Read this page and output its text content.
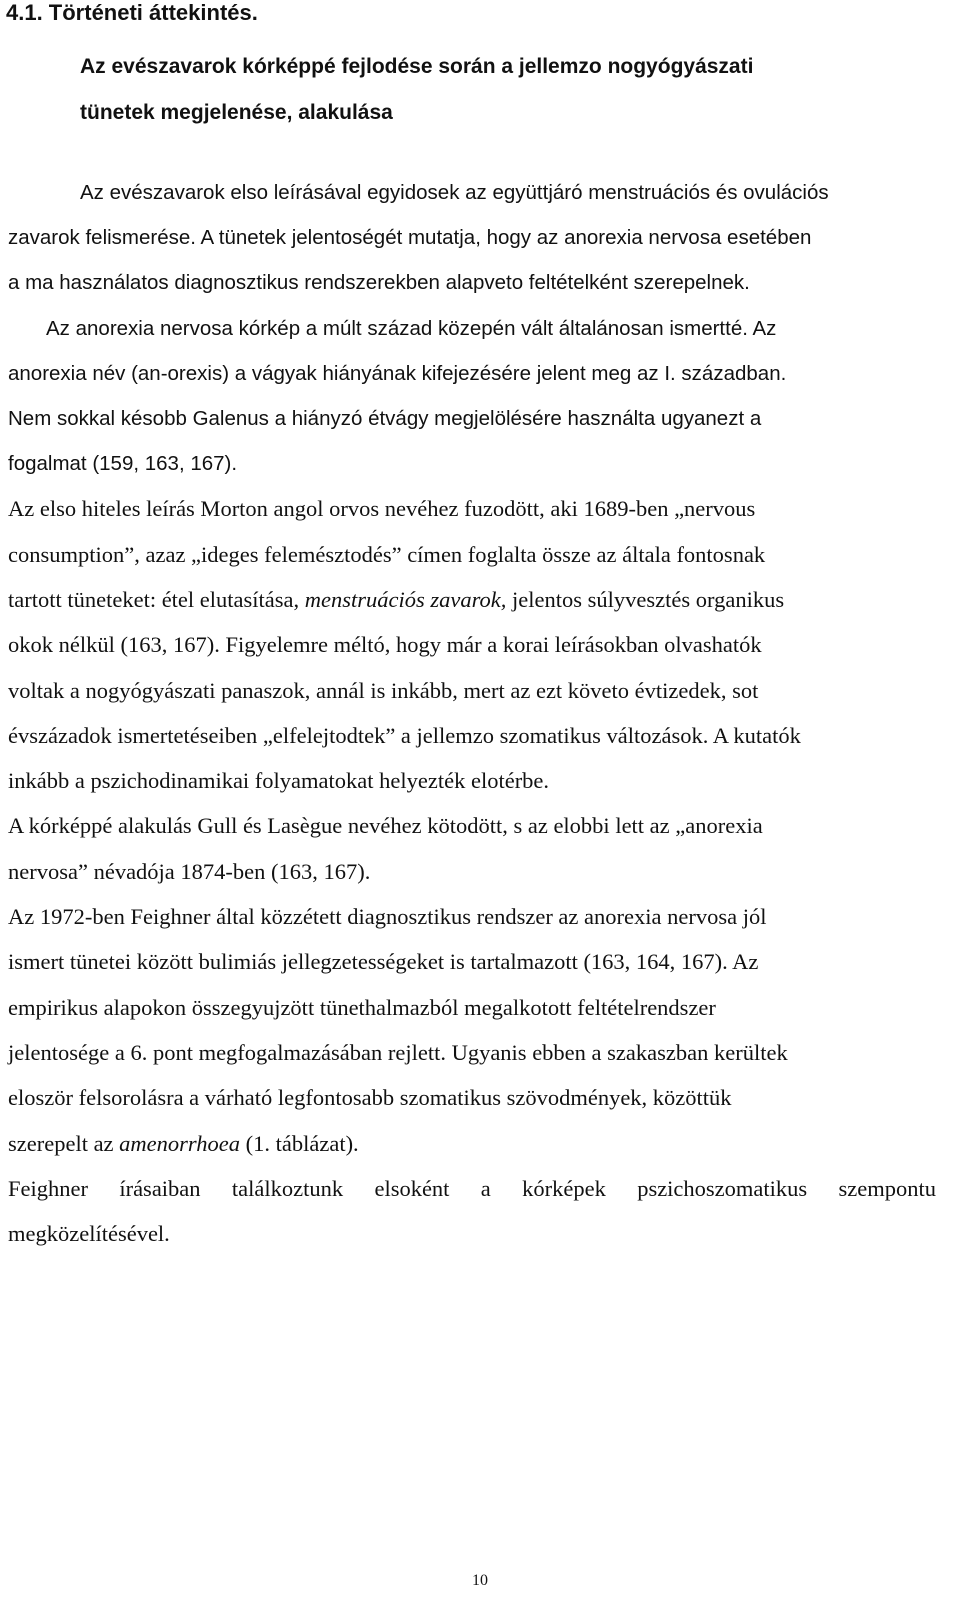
4.1. Történeti áttekintés.
Az evészavarok kórképpé fejlodése során a jellemzo nogyógyászati
tünetek megjelenése, alakulása

Az evészavarok elso leírásával egyidosek az együttjáró menstruációs és ovulációs

zavarok felismerése. A tünetek jelentoségét mutatja, hogy az anorexia nervosa esetében

a ma használatos diagnosztikus rendszerekben alapveto feltételként szerepelnek.

Az anorexia nervosa kórkép a múlt század közepén vált általánosan ismertté. Az

anorexia név (an-orexis) a vágyak hiányának kifejezésére jelent meg az I. században.

Nem sokkal késobb Galenus a hiányzó étvágy megjelölésére használta ugyanezt a

fogalmat (159, 163, 167).

Az elso hiteles leírás Morton angol orvos nevéhez fuzodött, aki 1689-ben „nervous

consumption”, azaz „ideges felemésztodés” címen foglalta össze az általa fontosnak

tartott tüneteket: étel elutasítása, menstruációs zavarok, jelentos súlyvesztés organikus

okok nélkül (163, 167). Figyelemre méltó, hogy már a korai leírásokban olvashatók

voltak a nogyógyászati panaszok, annál is inkább, mert az ezt követo évtizedek, sot

évszázadok ismertetéseiben „elfelejtodtek” a jellemzo szomatikus változások. A kutatók

inkább a pszichodinamikai folyamatokat helyezték elotérbe.

A kórképpé alakulás Gull és Lasègue nevéhez kötodött, s az elobbi lett az „anorexia

nervosa” névadója 1874-ben (163, 167).

Az 1972-ben Feighner által közzétett diagnosztikus rendszer az anorexia nervosa jól

ismert tünetei között bulimiás jellegzetességeket is tartalmazott (163, 164, 167). Az

empirikus alapokon összegyujzött tünethalmazból megalkotott feltételrendszer

jelentosége a 6. pont megfogalmazásában rejlett. Ugyanis ebben a szakaszban kerültek

eloször felsorolásra a várható legfontosabb szomatikus szövodmények, közöttük

szerepelt az amenorrhoea (1. táblázat).

Feighner írásaiban találkoztunk elsoként a kórképek pszichoszomatikus szempontu

megközelítésével.

10
